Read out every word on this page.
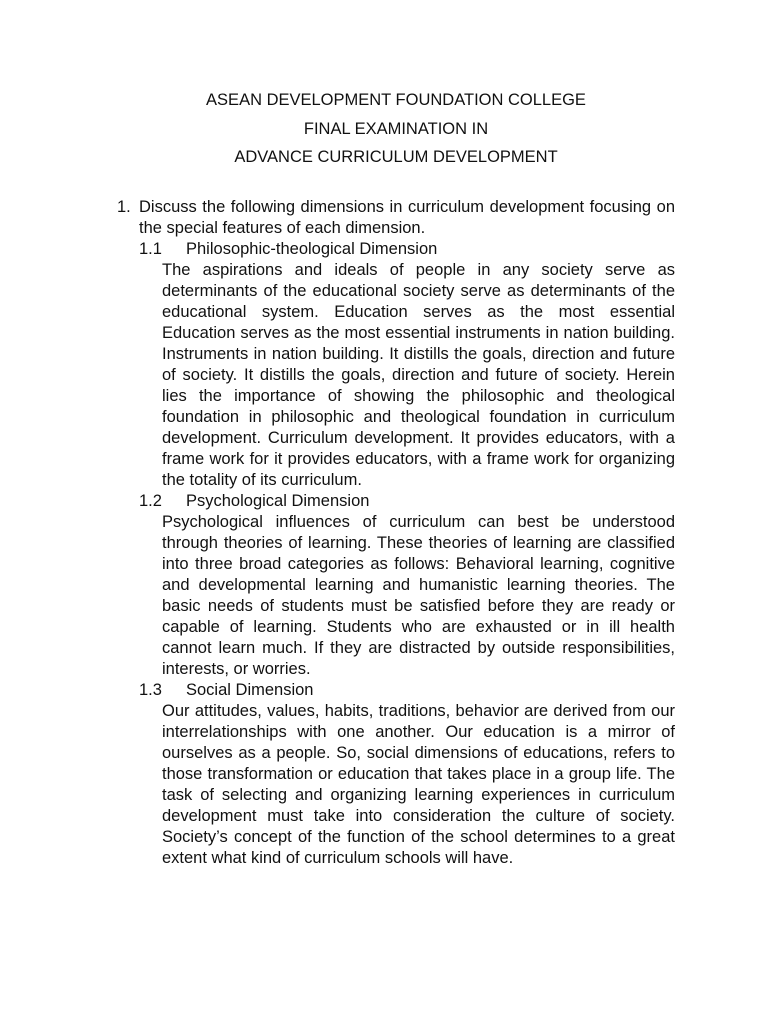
ASEAN DEVELOPMENT FOUNDATION COLLEGE
FINAL EXAMINATION IN
ADVANCE CURRICULUM DEVELOPMENT
1. Discuss the following dimensions in curriculum development focusing on the special features of each dimension.
1.1	Philosophic-theological Dimension
The aspirations and ideals of people in any society serve as determinants of the educational society serve as determinants of the educational system. Education serves as the most essential Education serves as the most essential instruments in nation building. Instruments in nation building. It distills the goals, direction and future of society. It distills the goals, direction and future of society. Herein lies the importance of showing the philosophic and theological foundation in philosophic and theological foundation in curriculum development. Curriculum development. It provides educators, with a frame work for it provides educators, with a frame work for organizing the totality of its curriculum.
1.2	Psychological Dimension
Psychological influences of curriculum can best be understood through theories of learning. These theories of learning are classified into three broad categories as follows: Behavioral learning, cognitive and developmental learning and humanistic learning theories. The basic needs of students must be satisfied before they are ready or capable of learning. Students who are exhausted or in ill health cannot learn much. If they are distracted by outside responsibilities, interests, or worries.
1.3	Social Dimension
Our attitudes, values, habits, traditions, behavior are derived from our interrelationships with one another. Our education is a mirror of ourselves as a people. So, social dimensions of educations, refers to those transformation or education that takes place in a group life. The task of selecting and organizing learning experiences in curriculum development must take into consideration the culture of society. Society’s concept of the function of the school determines to a great extent what kind of curriculum schools will have.
